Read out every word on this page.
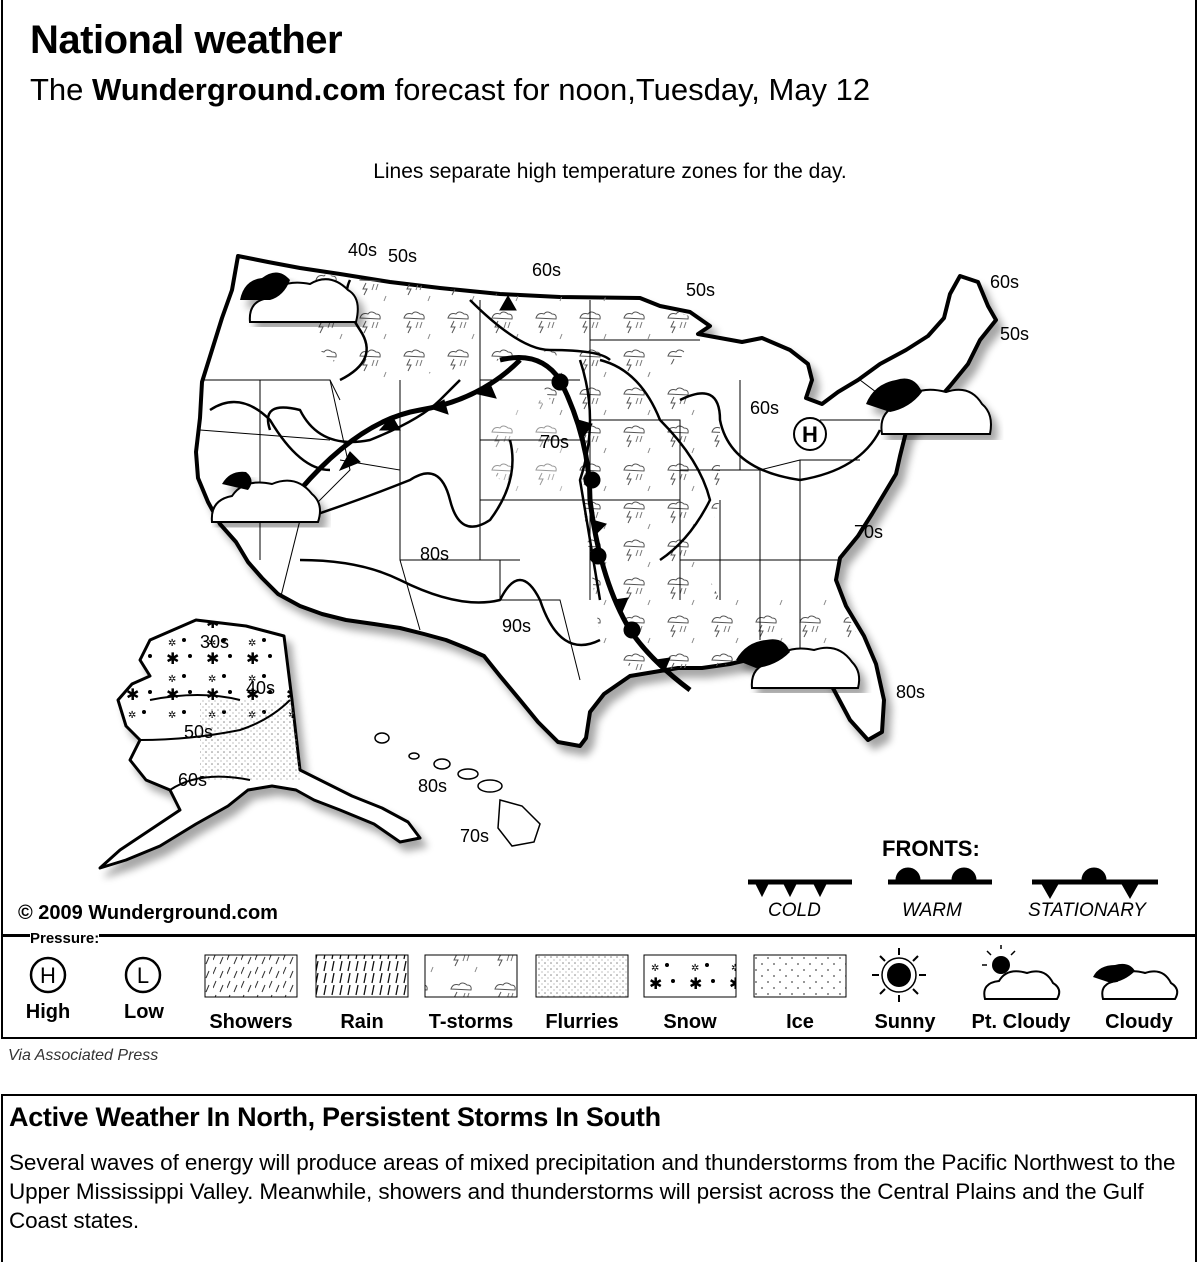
National weather
The Wunderground.com forecast for noon,Tuesday, May 12
Lines separate high temperature zones for the day.
H
40s 50s
60s
50s	60s
50s
60s
70s
70s
80s
90s
80s
80s
70s
30s
40s
50s
60s
FRONTS:
COLD	WARM	STATIONARY
© 2009 Wunderground.com
H	L
High	Low	Showers	Rain	T-storms	Flurries	Snow	Ice	Sunny	Pt. Cloudy	Cloudy
Pressure:
Via Associated Press
Active Weather In North, Persistent Storms In South
Several waves of energy will produce areas of mixed precipitation and thunderstorms from the Pacific Northwest to the Upper Mississippi Valley. Meanwhile, showers and thunderstorms will persist across the Central Plains and the Gulf Coast states.
